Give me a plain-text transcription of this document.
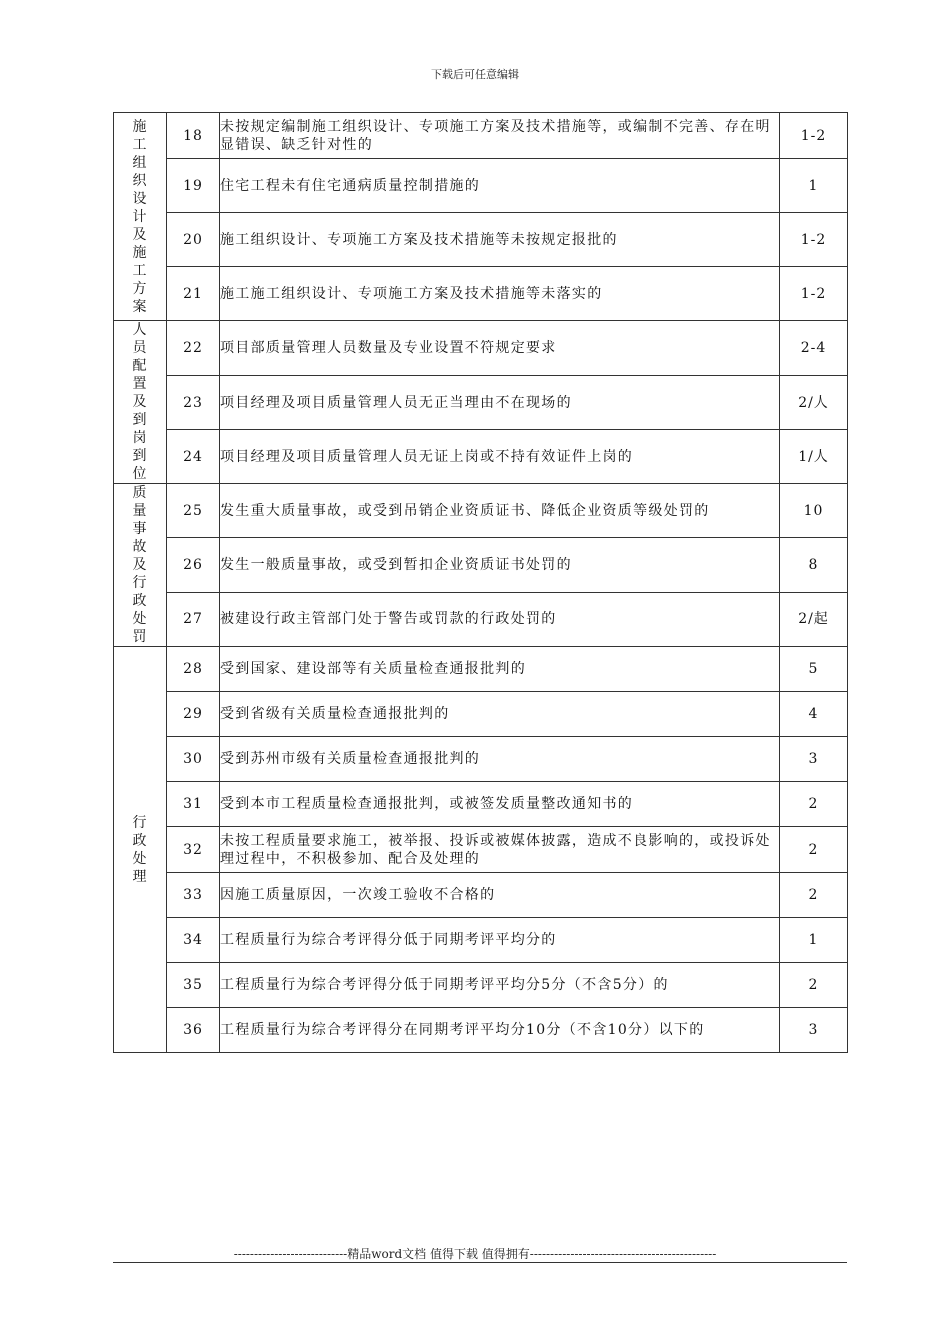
下载后可任意编辑
施工组织设计及施工方案	18	未按规定编制施工组织设计、专项施工方案及技术措施等，或编制不完善、存在明显错误、缺乏针对性的	1-2
	19	住宅工程未有住宅通病质量控制措施的	1
	20	施工组织设计、专项施工方案及技术措施等未按规定报批的	1-2
	21	施工施工组织设计、专项施工方案及技术措施等未落实的	1-2
人员配置及到岗到位	22	项目部质量管理人员数量及专业设置不符规定要求	2-4
	23	项目经理及项目质量管理人员无正当理由不在现场的	2/人
	24	项目经理及项目质量管理人员无证上岗或不持有效证件上岗的	1/人
质量事故及行政处罚	25	发生重大质量事故，或受到吊销企业资质证书、降低企业资质等级处罚的	10
	26	发生一般质量事故，或受到暂扣企业资质证书处罚的	8
	27	被建设行政主管部门处于警告或罚款的行政处罚的	2/起
行政处理	28	受到国家、建设部等有关质量检查通报批判的	5
	29	受到省级有关质量检查通报批判的	4
	30	受到苏州市级有关质量检查通报批判的	3
	31	受到本市工程质量检查通报批判，或被签发质量整改通知书的	2
	32	未按工程质量要求施工，被举报、投诉或被媒体披露，造成不良影响的，或投诉处理过程中，不积极参加、配合及处理的	2
	33	因施工质量原因，一次竣工验收不合格的	2
	34	工程质量行为综合考评得分低于同期考评平均分的	1
	35	工程质量行为综合考评得分低于同期考评平均分5分（不含5分）的	2
	36	工程质量行为综合考评得分在同期考评平均分10分（不含10分）以下的	3
----------------------------精品word文档 值得下载 值得拥有----------------------------------------------
